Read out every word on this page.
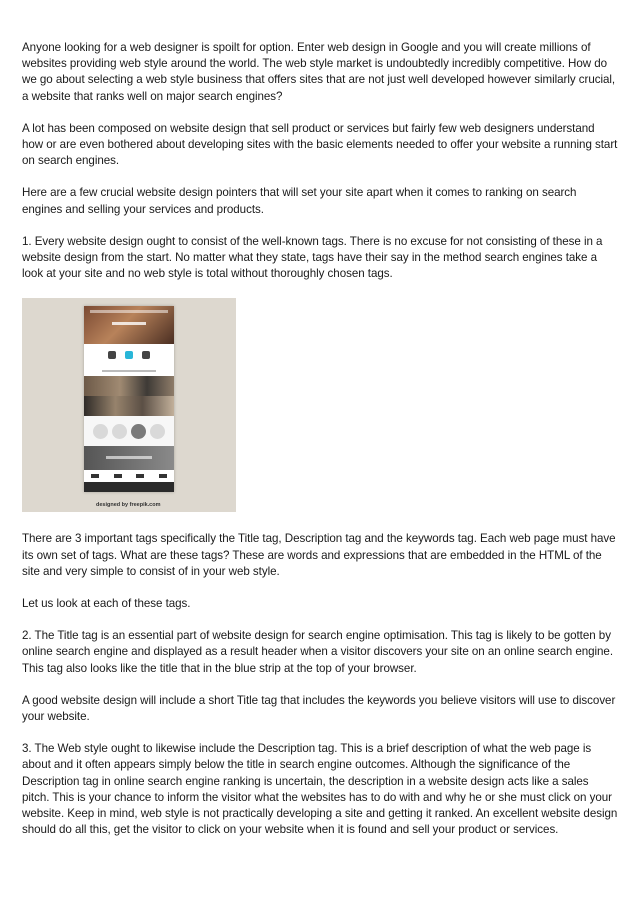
Anyone looking for a web designer is spoilt for option. Enter web design in Google and you will create millions of websites providing web style around the world. The web style market is undoubtedly incredibly competitive. How do we go about selecting a web style business that offers sites that are not just well developed however similarly crucial, a website that ranks well on major search engines?

A lot has been composed on website design that sell product or services but fairly few web designers understand how or are even bothered about developing sites with the basic elements needed to offer your website a running start on search engines.

Here are a few crucial website design pointers that will set your site apart when it comes to ranking on search engines and selling your services and products.

1. Every website design ought to consist of the well-known tags. There is no excuse for not consisting of these in a website design from the start. No matter what they state, tags have their say in the method search engines take a look at your site and no web style is total without thoroughly chosen tags.

designed by freepik.com

There are 3 important tags specifically the Title tag, Description tag and the keywords tag. Each web page must have its own set of tags. What are these tags? These are words and expressions that are embedded in the HTML of the site and very simple to consist of in your web style.

Let us look at each of these tags.

2. The Title tag is an essential part of website design for search engine optimisation. This tag is likely to be gotten by online search engine and displayed as a result header when a visitor discovers your site on an online search engine. This tag also looks like the title that in the blue strip at the top of your browser.

A good website design will include a short Title tag that includes the keywords you believe visitors will use to discover your website.

3. The Web style ought to likewise include the Description tag. This is a brief description of what the web page is about and it often appears simply below the title in search engine outcomes. Although the significance of the Description tag in online search engine ranking is uncertain, the description in a website design acts like a sales pitch. This is your chance to inform the visitor what the websites has to do with and why he or she must click on your website. Keep in mind, web style is not practically developing a site and getting it ranked. An excellent website design should do all this, get the visitor to click on your website when it is found and sell your product or services.
